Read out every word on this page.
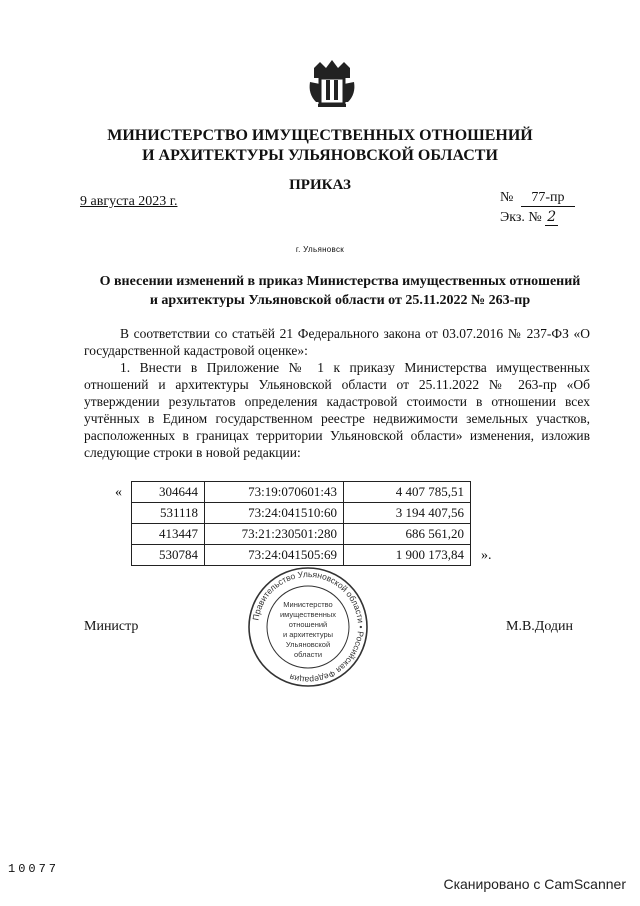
МИНИСТЕРСТВО ИМУЩЕСТВЕННЫХ ОТНОШЕНИЙ
И АРХИТЕКТУРЫ УЛЬЯНОВСКОЙ ОБЛАСТИ
ПРИКАЗ
9 августа 2023 г.	№ 77-пр
Экз. № 2
г. Ульяновск
О внесении изменений в приказ Министерства имущественных отношений
и архитектуры Ульяновской области от 25.11.2022 № 263-пр
В соответствии со статьёй 21 Федерального закона от 03.07.2016 № 237-ФЗ «О государственной кадастровой оценке»:
1. Внести в Приложение № 1 к приказу Министерства имущественных отношений и архитектуры Ульяновской области от 25.11.2022 № 263-пр «Об утверждении результатов определения кадастровой стоимости в отношении всех учтённых в Едином государственном реестре недвижимости земельных участков, расположенных в границах территории Ульяновской области» изменения, изложив следующие строки в новой редакции:
«	304644	73:19:070601:43	4 407 785,51
531118	73:24:041510:60	3 194 407,56
413447	73:21:230501:280	686 561,20
530784	73:24:041505:69	1 900 173,84 ».
Правительство Ульяновской области • Российская Федерация
Министерство
имущественных
отношений
и архитектуры
Ульяновской
области
Министр	М.В.Додин
10077
Сканировано с CamScanner
